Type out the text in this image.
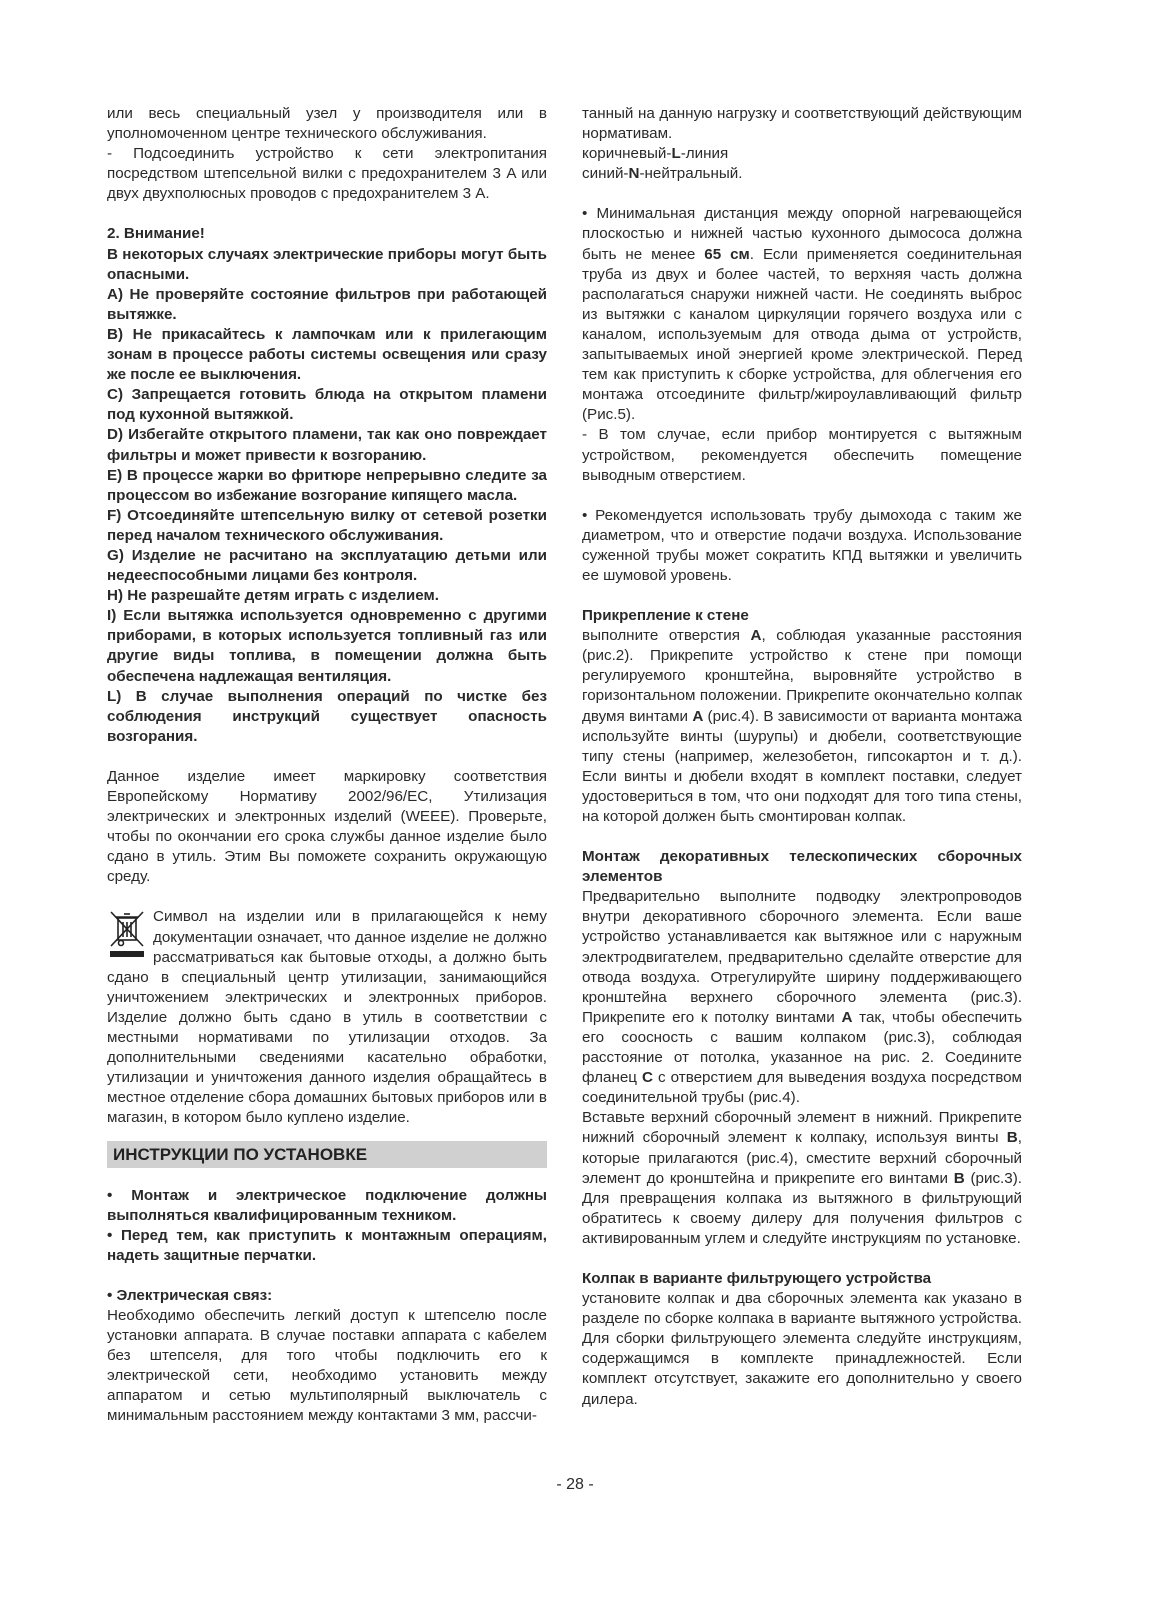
или весь специальный узел у производителя или в уполномоченном центре технического обслуживания.

- Подсоединить устройство к сети электропитания посредством штепсельной вилки с предохранителем 3 A или двух двухполюсных проводов с предохранителем 3 А.

2. Внимание!

В некоторых случаях электрические приборы могут быть опасными.

A) Не проверяйте состояние фильтров при работающей вытяжке.

B) Не прикасайтесь к лампочкам или к прилегающим зонам в процессе работы системы освещения или сразу же после ее выключения.

C) Запрещается готовить блюда на открытом пламени под кухонной вытяжкой.

D) Избегайте открытого пламени, так как оно повреждает фильтры и может привести к возгоранию.

E) В процессе жарки во фритюре непрерывно следите за процессом во избежание возгорание кипящего масла.

F) Отсоединяйте штепсельную вилку от сетевой розетки перед началом технического обслуживания.

G) Изделие не расчитано на эксплуатацию детьми или недееспособными лицами без контроля.

H) Не разрешайте детям играть с изделием.

I) Если вытяжка используется одновременно с другими приборами, в которых используется топливный газ или другие виды топлива, в помещении должна быть обеспечена надлежащая вентиляция.

L) В случае выполнения операций по чистке без соблюдения инструкций существует опасность возгорания.

Данное изделие имеет маркировку соответствия Европейскому Нормативу 2002/96/EC, Утилизация электрических и электронных изделий (WEEE). Проверьте, чтобы по окончании его срока службы данное изделие было сдано в утиль. Этим Вы поможете сохранить окружающую среду.

Символ на изделии или в прилагающейся к нему документации означает, что данное изделие не должно рассматриваться как бытовые отходы, а должно быть сдано в специальный центр утилизации, занимающийся уничтожением электрических и электронных приборов. Изделие должно быть сдано в утиль в соответствии с местными нормативами по утилизации отходов. За дополнительными сведениями касательно обработки, утилизации и уничтожения данного изделия обращайтесь в местное отделение сбора домашних бытовых приборов или в магазин, в котором было куплено изделие.

ИНСТРУКЦИИ ПО УСТАНОВКЕ

• Монтаж и электрическое подключение должны выполняться квалифицированным техником.

• Перед тем, как приступить к монтажным операциям, надеть защитные перчатки.

• Электрическая связ:

Необходимо обеспечить легкий доступ к штепселю после установки аппарата. В случае поставки аппарата с кабелем без штепселя, для того чтобы подключить его к электрической сети, необходимо установить между аппаратом и сетью мультиполярный выключатель с минимальным расстоянием между контактами 3 мм, рассчи-

танный на данную нагрузку и соответствующий действующим нормативам.

коричневый-L-линия

синий-N-нейтральный.

• Минимальная дистанция между опорной нагревающейся плоскостью и нижней частью кухонного дымососа должна быть не менее 65 см. Если применяется соединительная труба из двух и более частей, то верхняя часть должна располагаться снаружи нижней части. Не соединять выброс из вытяжки с каналом циркуляции горячего воздуха или с каналом, используемым для отвода дыма от устройств, запытываемых иной энергией кроме электрической. Перед тем как приступить к сборке устройства, для облегчения его монтажа отсоедините фильтр/жироулавливающий фильтр (Рис.5).

- В том случае, если прибор монтируется с вытяжным устройством, рекомендуется обеспечить помещение выводным отверстием.

• Рекомендуется использовать трубу дымохода с таким же диаметром, что и отверстие подачи воздуха. Использование суженной трубы может сократить КПД вытяжки и увеличить ее шумовой уровень.

Прикрепление к стене

выполните отверстия А, соблюдая указанные расстояния (рис.2). Прикрепите устройство к стене при помощи регулируемого кронштейна, выровняйте устройство в горизонтальном положении. Прикрепите окончательно колпак двумя винтами А (рис.4). В зависимости от варианта монтажа используйте винты (шурупы) и дюбели, соответствующие типу стены (например, железобетон, гипсокартон и т. д.). Если винты и дюбели входят в комплект поставки, следует удостовериться в том, что они подходят для того типа стены, на которой должен быть смонтирован колпак.

Монтаж декоративных телескопических сборочных элементов

Предварительно выполните подводку электропроводов внутри декоративного сборочного элемента. Если ваше устройство устанавливается как вытяжное или с наружным электродвигателем, предварительно сделайте отверстие для отвода воздуха. Отрегулируйте ширину поддерживающего кронштейна верхнего сборочного элемента (рис.3). Прикрепите его к потолку винтами A так, чтобы обеспечить его соосность с вашим колпаком (рис.3), соблюдая расстояние от потолка, указанное на рис. 2. Соедините фланец C с отверстием для выведения воздуха посредством соединительной трубы (рис.4).

Вставьте верхний сборочный элемент в нижний. Прикрепите нижний сборочный элемент к колпаку, используя винты B, которые прилагаются (рис.4), сместите верхний сборочный элемент до кронштейна и прикрепите его винтами B (рис.3). Для превращения колпака из вытяжного в фильтрующий обратитесь к своему дилеру для получения фильтров с активированным углем и следуйте инструкциям по установке.

Колпак в варианте фильтрующего устройства

установите колпак и два сборочных элемента как указано в разделе по сборке колпака в варианте вытяжного устройства. Для сборки фильтрующего элемента следуйте инструкциям, содержащимся в комплекте принадлежностей. Если комплект отсутствует, закажите его дополнительно у своего дилера.

- 28 -
